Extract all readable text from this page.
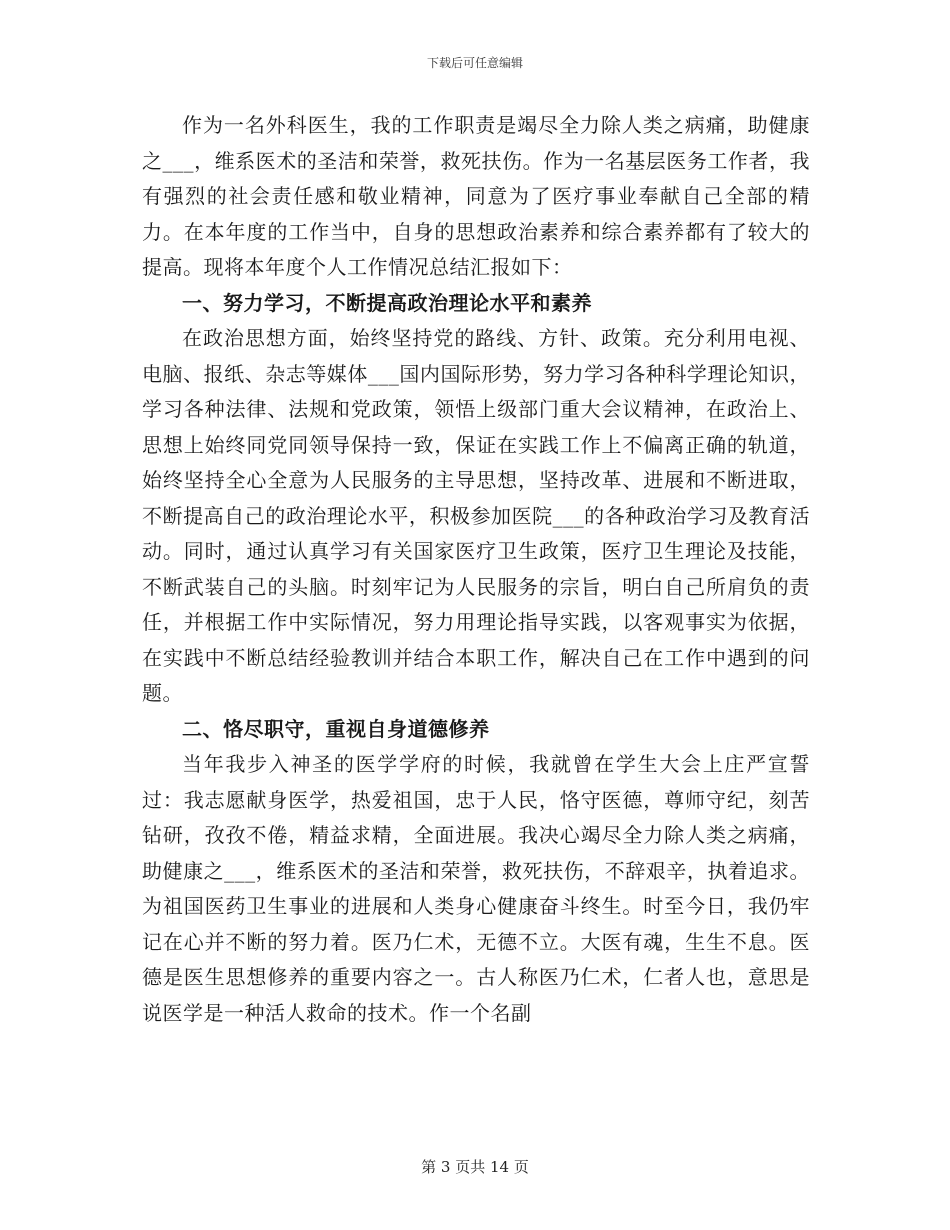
下载后可任意编辑

作为一名外科医生，我的工作职责是竭尽全力除人类之病痛，助健康之___，维系医术的圣洁和荣誉，救死扶伤。作为一名基层医务工作者，我有强烈的社会责任感和敬业精神，同意为了医疗事业奉献自己全部的精力。在本年度的工作当中，自身的思想政治素养和综合素养都有了较大的提高。现将本年度个人工作情况总结汇报如下：

一、努力学习，不断提高政治理论水平和素养

在政治思想方面，始终坚持党的路线、方针、政策。充分利用电视、电脑、报纸、杂志等媒体___国内国际形势，努力学习各种科学理论知识，学习各种法律、法规和党政策，领悟上级部门重大会议精神，在政治上、思想上始终同党同领导保持一致，保证在实践工作上不偏离正确的轨道，始终坚持全心全意为人民服务的主导思想，坚持改革、进展和不断进取，不断提高自己的政治理论水平，积极参加医院___的各种政治学习及教育活动。同时，通过认真学习有关国家医疗卫生政策，医疗卫生理论及技能，不断武装自己的头脑。时刻牢记为人民服务的宗旨，明白自己所肩负的责任，并根据工作中实际情况，努力用理论指导实践，以客观事实为依据，在实践中不断总结经验教训并结合本职工作，解决自己在工作中遇到的问题。

二、恪尽职守，重视自身道德修养

当年我步入神圣的医学学府的时候，我就曾在学生大会上庄严宣誓过：我志愿献身医学，热爱祖国，忠于人民，恪守医德，尊师守纪，刻苦钻研，孜孜不倦，精益求精，全面进展。我决心竭尽全力除人类之病痛，助健康之___，维系医术的圣洁和荣誉，救死扶伤，不辞艰辛，执着追求。为祖国医药卫生事业的进展和人类身心健康奋斗终生。时至今日，我仍牢记在心并不断的努力着。医乃仁术，无德不立。大医有魂，生生不息。医德是医生思想修养的重要内容之一。古人称医乃仁术，仁者人也，意思是说医学是一种活人救命的技术。作一个名副

第 3 页共 14 页
